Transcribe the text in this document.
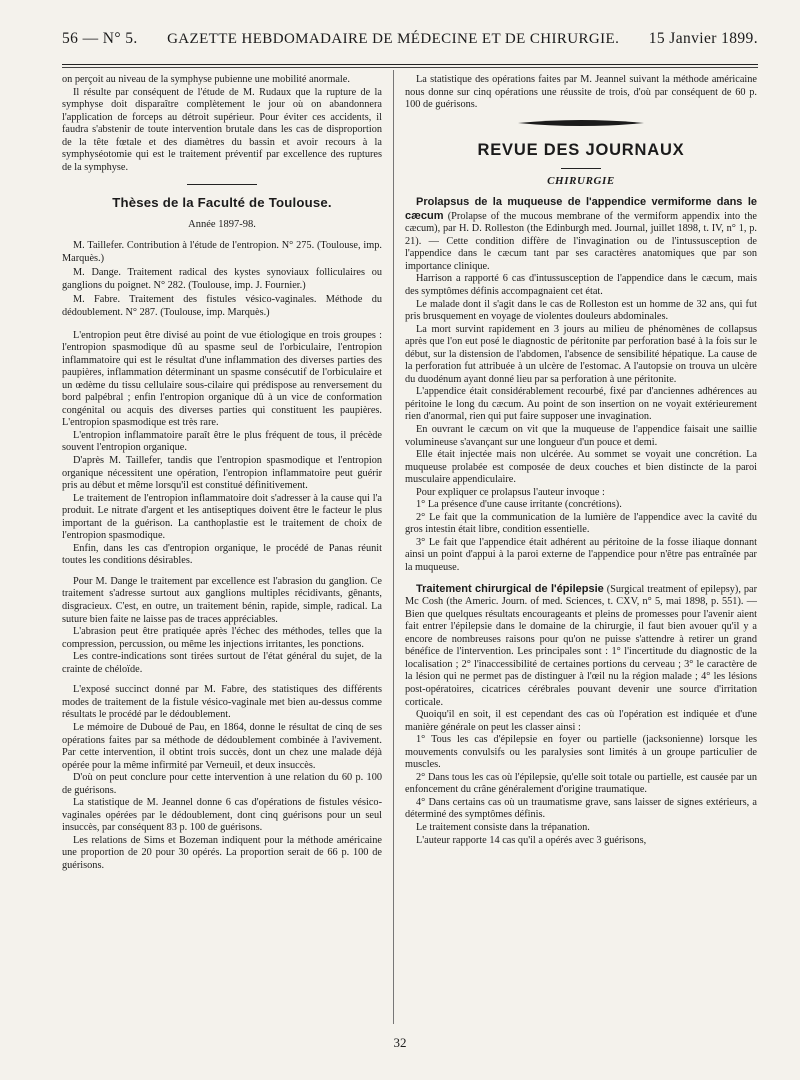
56 — N° 5. GAZETTE HEBDOMADAIRE DE MÉDECINE ET DE CHIRURGIE. 15 Janvier 1899.

on perçoit au niveau de la symphyse pubienne une mobilité anormale.

Il résulte par conséquent de l'étude de M. Rudaux que la rupture de la symphyse doit disparaître complètement le jour où on abandonnera l'application de forceps au détroit supérieur. Pour éviter ces accidents, il faudra s'abstenir de toute intervention brutale dans les cas de disproportion de la tête fœtale et des diamètres du bassin et avoir recours à la symphyséotomie qui est le traitement préventif par excellence des ruptures de la symphyse.

Thèses de la Faculté de Toulouse.
Année 1897-98.

M. Taillefer. Contribution à l'étude de l'entropion. N° 275. (Toulouse, imp. Marquès.)

M. Dange. Traitement radical des kystes synoviaux folliculaires ou ganglions du poignet. N° 282. (Toulouse, imp. J. Fournier.)

M. Fabre. Traitement des fistules vésico-vaginales. Méthode du dédoublement. N° 287. (Toulouse, imp. Marquès.)

L'entropion peut être divisé au point de vue étiologique en trois groupes : l'entropion spasmodique dû au spasme seul de l'orbiculaire, l'entropion inflammatoire qui est le résultat d'une inflammation des diverses parties des paupières, inflammation déterminant un spasme consécutif de l'orbiculaire et un œdème du tissu cellulaire sous-cilaire qui prédispose au renversement du bord palpébral ; enfin l'entropion organique dû à un vice de conformation congénital ou acquis des diverses parties qui constituent les paupières. L'entropion spasmodique est très rare.

L'entropion inflammatoire paraît être le plus fréquent de tous, il précède souvent l'entropion organique.

D'après M. Taillefer, tandis que l'entropion spasmodique et l'entropion organique nécessitent une opération, l'entropion inflammatoire peut guérir pris au début et même lorsqu'il est constitué définitivement.

Le traitement de l'entropion inflammatoire doit s'adresser à la cause qui l'a produit. Le nitrate d'argent et les antiseptiques doivent être le facteur le plus important de la guérison. La canthoplastie est le traitement de choix de l'entropion spasmodique.

Enfin, dans les cas d'entropion organique, le procédé de Panas réunit toutes les conditions désirables.

Pour M. Dange le traitement par excellence est l'abrasion du ganglion. Ce traitement s'adresse surtout aux ganglions multiples récidivants, gênants, disgracieux. C'est, en outre, un traitement bénin, rapide, simple, radical. La suture bien faite ne laisse pas de traces appréciables.

L'abrasion peut être pratiquée après l'échec des méthodes, telles que la compression, percussion, ou même les injections irritantes, les ponctions.

Les contre-indications sont tirées surtout de l'état général du sujet, de la crainte de chéloïde.

L'exposé succinct donné par M. Fabre, des statistiques des différents modes de traitement de la fistule vésico-vaginale met bien au-dessus comme résultats le procédé par le dédoublement.

Le mémoire de Duboué de Pau, en 1864, donne le résultat de cinq de ses opérations faites par sa méthode de dédoublement combinée à l'avivement. Par cette intervention, il obtint trois succès, dont un chez une malade déjà opérée pour la même infirmité par Verneuil, et deux insuccès.

D'où on peut conclure pour cette intervention à une relation du 60 p. 100 de guérisons.

La statistique de M. Jeannel donne 6 cas d'opérations de fistules vésico-vaginales opérées par le dédoublement, dont cinq guérisons pour un seul insuccès, par conséquent 83 p. 100 de guérisons.

Les relations de Sims et Bozeman indiquent pour la méthode américaine une proportion de 20 pour 30 opérés. La proportion serait de 66 p. 100 de guérisons.

La statistique des opérations faites par M. Jeannel suivant la méthode américaine nous donne sur cinq opérations une réussite de trois, d'où par conséquent de 60 p. 100 de guérisons.

REVUE DES JOURNAUX
CHIRURGIE

Prolapsus de la muqueuse de l'appendice vermiforme dans le cæcum (Prolapse of the mucous membrane of the vermiform appendix into the cæcum), par H. D. Rolleston (the Edinburgh med. Journal, juillet 1898, t. IV, n° 1, p. 21). — Cette condition diffère de l'invagination ou de l'intussusception de l'appendice dans le cæcum tant par ses caractères anatomiques que par son importance clinique.

Harrison a rapporté 6 cas d'intussusception de l'appendice dans le cæcum, mais des symptômes définis accompagnaient cet état.

Le malade dont il s'agit dans le cas de Rolleston est un homme de 32 ans, qui fut pris brusquement en voyage de violentes douleurs abdominales.

La mort survint rapidement en 3 jours au milieu de phénomènes de collapsus après que l'on eut posé le diagnostic de péritonite par perforation basé à la fois sur le début, sur la distension de l'abdomen, l'absence de sensibilité hépatique. La cause de la perforation fut attribuée à un ulcère de l'estomac. A l'autopsie on trouva un ulcère du duodénum ayant donné lieu par sa perforation à une péritonite.

L'appendice était considérablement recourbé, fixé par d'anciennes adhérences au péritoine le long du cæcum. Au point de son insertion on ne voyait extérieurement rien d'anormal, rien qui put faire supposer une invagination.

En ouvrant le cæcum on vit que la muqueuse de l'appendice faisait une saillie volumineuse s'avançant sur une longueur d'un pouce et demi.

Elle était injectée mais non ulcérée. Au sommet se voyait une concrétion. La muqueuse prolabée est composée de deux couches et bien distincte de la paroi musculaire appendiculaire.

Pour expliquer ce prolapsus l'auteur invoque :

1° La présence d'une cause irritante (concrétions).

2° Le fait que la communication de la lumière de l'appendice avec la cavité du gros intestin était libre, condition essentielle.

3° Le fait que l'appendice était adhérent au péritoine de la fosse iliaque donnant ainsi un point d'appui à la paroi externe de l'appendice pour n'être pas entraînée par la muqueuse.

Traitement chirurgical de l'épilepsie (Surgical treatment of epilepsy), par Mc Cosh (the Americ. Journ. of med. Sciences, t. CXV, n° 5, mai 1898, p. 551). — Bien que quelques résultats encourageants et pleins de promesses pour l'avenir aient fait entrer l'épilepsie dans le domaine de la chirurgie, il faut bien avouer qu'il y a encore de nombreuses raisons pour qu'on ne puisse s'attendre à retirer un grand bénéfice de l'intervention. Les principales sont : 1° l'incertitude du diagnostic de la localisation ; 2° l'inaccessibilité de certaines portions du cerveau ; 3° le caractère de la lésion qui ne permet pas de distinguer à l'œil nu la région malade ; 4° les lésions post-opératoires, cicatrices cérébrales pouvant devenir une source d'irritation corticale.

Quoiqu'il en soit, il est cependant des cas où l'opération est indiquée et d'une manière générale on peut les classer ainsi :

1° Tous les cas d'épilepsie en foyer ou partielle (jacksonienne) lorsque les mouvements convulsifs ou les paralysies sont limités à un groupe particulier de muscles.

2° Dans tous les cas où l'épilepsie, qu'elle soit totale ou partielle, est causée par un enfoncement du crâne généralement d'origine traumatique.

4° Dans certains cas où un traumatisme grave, sans laisser de signes extérieurs, a déterminé des symptômes définis.

Le traitement consiste dans la trépanation.

L'auteur rapporte 14 cas qu'il a opérés avec 3 guérisons,

32
